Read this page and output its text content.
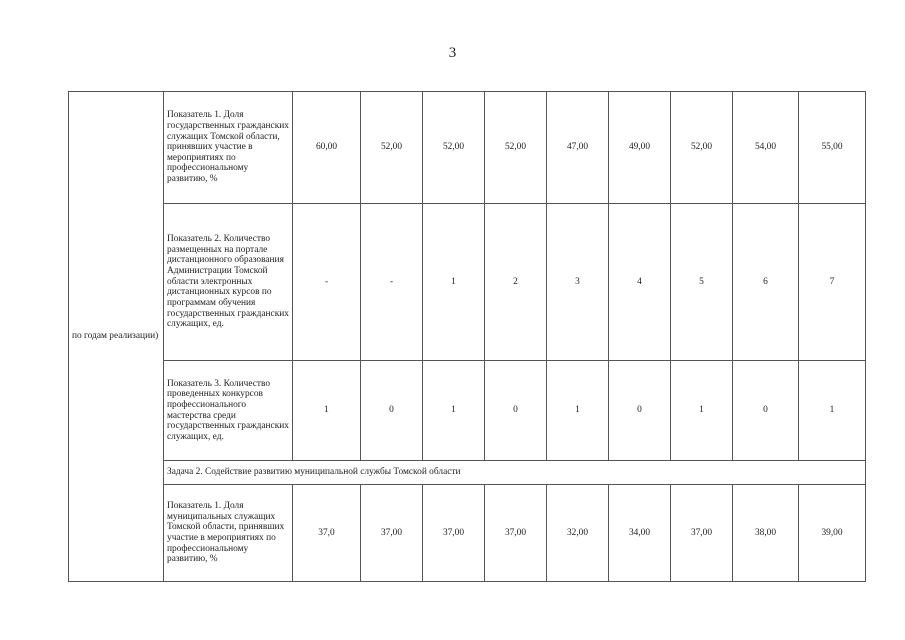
3
по годам реализации)	Показатель 1. Доля государственных гражданских служащих Томской области, принявших участие в мероприятиях по профессиональному развитию, %	60,00	52,00	52,00	52,00	47,00	49,00	52,00	54,00	55,00
	Показатель 2. Количество размещенных на портале дистанционного образования Администрации Томской области электронных дистанционных курсов по программам обучения государственных гражданских служащих, ед.	-	-	1	2	3	4	5	6	7
	Показатель 3. Количество проведенных конкурсов профессионального мастерства среди государственных гражданских служащих, ед.	1	0	1	0	1	0	1	0	1
	Задача 2. Содействие развитию муниципальной службы Томской области									
	Показатель 1. Доля муниципальных служащих Томской области, принявших участие в мероприятиях по профессиональному развитию, %	37,0	37,00	37,00	37,00	32,00	34,00	37,00	38,00	39,00
